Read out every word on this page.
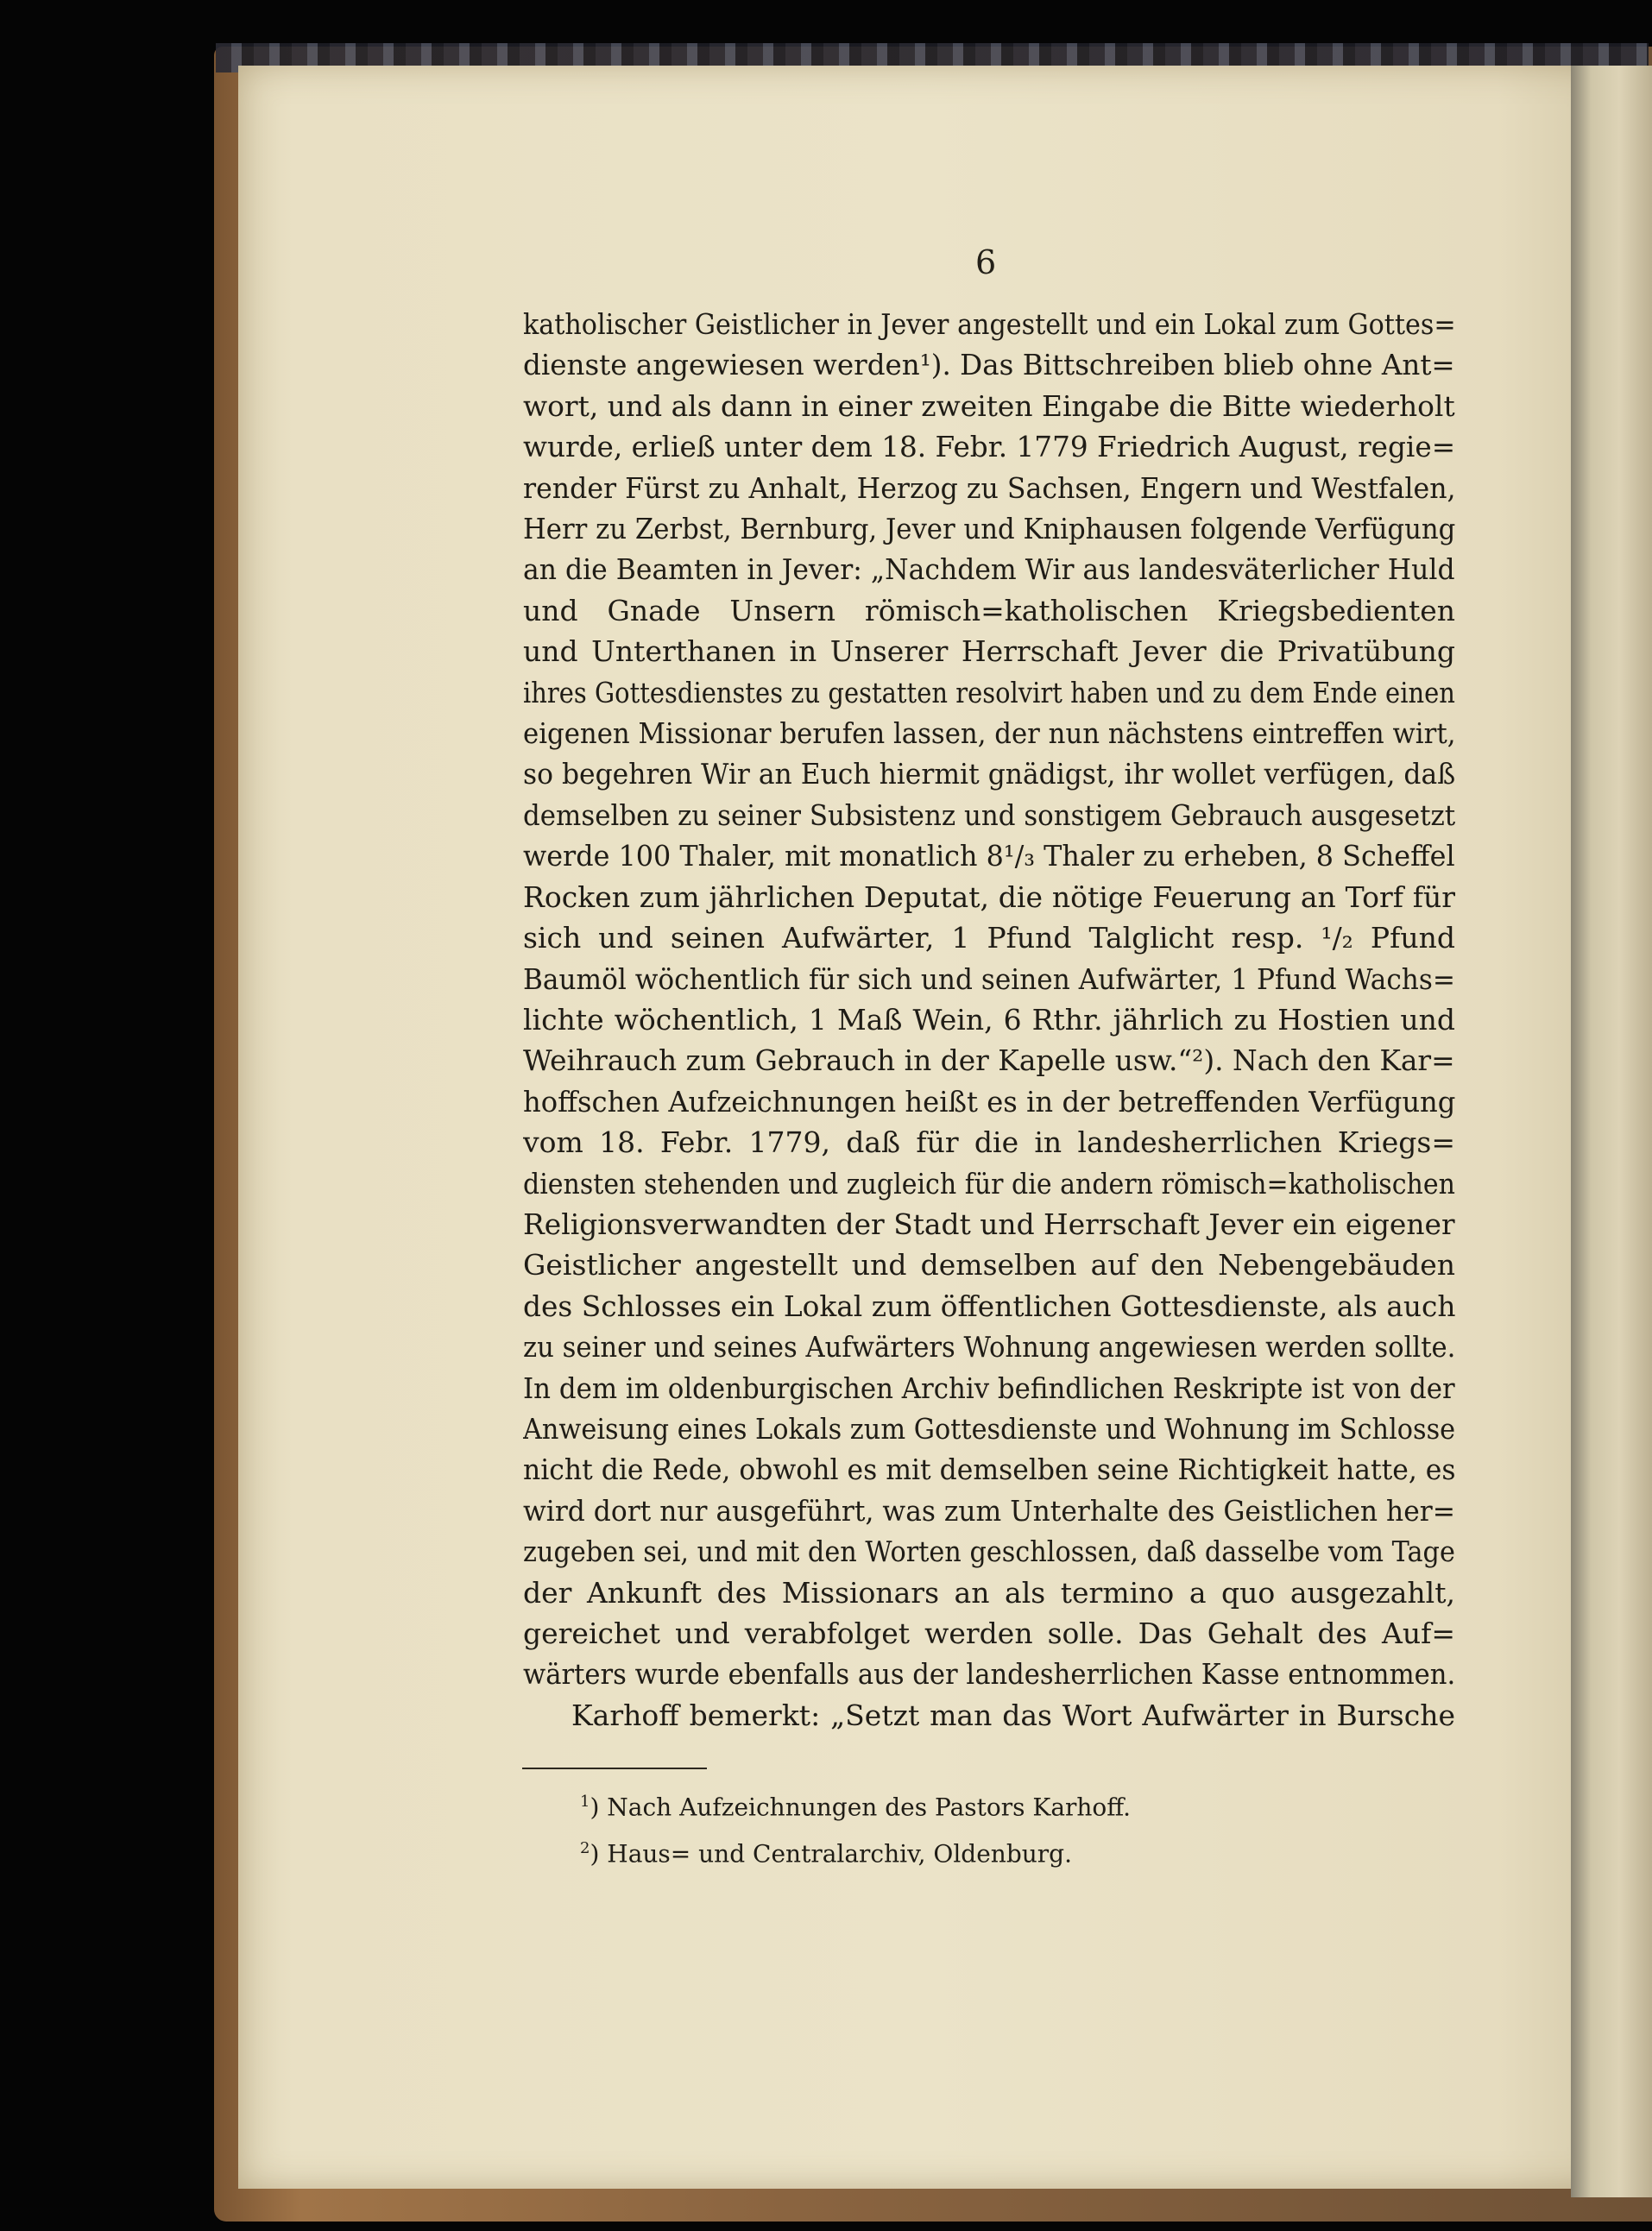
6
katholischer Geistlicher in Jever angestellt und ein Lokal zum Gottes=
dienste angewiesen werden¹). Das Bittschreiben blieb ohne Ant=
wort, und als dann in einer zweiten Eingabe die Bitte wiederholt
wurde, erließ unter dem 18. Febr. 1779 Friedrich August, regie=
render Fürst zu Anhalt, Herzog zu Sachsen, Engern und Westfalen,
Herr zu Zerbst, Bernburg, Jever und Kniphausen folgende Verfügung
an die Beamten in Jever: „Nachdem Wir aus landesväterlicher Huld
und Gnade Unsern römisch=katholischen Kriegsbedienten
und Unterthanen in Unserer Herrschaft Jever die Privatübung
ihres Gottesdienstes zu gestatten resolvirt haben und zu dem Ende einen
eigenen Missionar berufen lassen, der nun nächstens eintreffen wirt,
so begehren Wir an Euch hiermit gnädigst, ihr wollet verfügen, daß
demselben zu seiner Subsistenz und sonstigem Gebrauch ausgesetzt
werde 100 Thaler, mit monatlich 8¹/₃ Thaler zu erheben, 8 Scheffel
Rocken zum jährlichen Deputat, die nötige Feuerung an Torf für
sich und seinen Aufwärter, 1 Pfund Talglicht resp. ¹/₂ Pfund
Baumöl wöchentlich für sich und seinen Aufwärter, 1 Pfund Wachs=
lichte wöchentlich, 1 Maß Wein, 6 Rthr. jährlich zu Hostien und
Weihrauch zum Gebrauch in der Kapelle usw.“²). Nach den Kar=
hoffschen Aufzeichnungen heißt es in der betreffenden Verfügung
vom 18. Febr. 1779, daß für die in landesherrlichen Kriegs=
diensten stehenden und zugleich für die andern römisch=katholischen
Religionsverwandten der Stadt und Herrschaft Jever ein eigener
Geistlicher angestellt und demselben auf den Nebengebäuden
des Schlosses ein Lokal zum öffentlichen Gottesdienste, als auch
zu seiner und seines Aufwärters Wohnung angewiesen werden sollte.
In dem im oldenburgischen Archiv befindlichen Reskripte ist von der
Anweisung eines Lokals zum Gottesdienste und Wohnung im Schlosse
nicht die Rede, obwohl es mit demselben seine Richtigkeit hatte, es
wird dort nur ausgeführt, was zum Unterhalte des Geistlichen her=
zugeben sei, und mit den Worten geschlossen, daß dasselbe vom Tage
der Ankunft des Missionars an als termino a quo ausgezahlt,
gereichet und verabfolget werden solle. Das Gehalt des Auf=
wärters wurde ebenfalls aus der landesherrlichen Kasse entnommen.
Karhoff bemerkt: „Setzt man das Wort Aufwärter in Bursche
$^1$) Nach Aufzeichnungen des Pastors Karhoff.
$^2$) Haus= und Centralarchiv, Oldenburg.
